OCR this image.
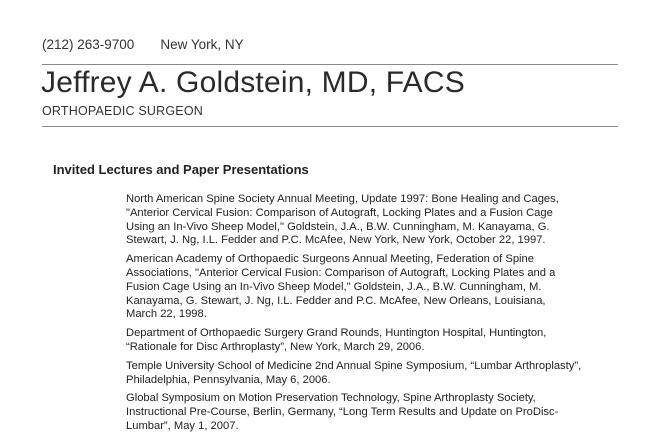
(212) 263-9700 New York, NY
Jeffrey A. Goldstein, MD, FACS
ORTHOPAEDIC SURGEON
Invited Lectures and Paper Presentations
North American Spine Society Annual Meeting, Update 1997: Bone Healing and Cages,
"Anterior Cervical Fusion: Comparison of Autograft, Locking Plates and a Fusion Cage
Using an In-Vivo Sheep Model," Goldstein, J.A., B.W. Cunningham, M. Kanayama, G.
Stewart, J. Ng, I.L. Fedder and P.C. McAfee, New York, New York, October 22, 1997.
American Academy of Orthopaedic Surgeons Annual Meeting, Federation of Spine
Associations, "Anterior Cervical Fusion: Comparison of Autograft, Locking Plates and a
Fusion Cage Using an In-Vivo Sheep Model," Goldstein, J.A., B.W. Cunningham, M.
Kanayama, G. Stewart, J. Ng, I.L. Fedder and P.C. McAfee, New Orleans, Louisiana,
March 22, 1998.
Department of Orthopaedic Surgery Grand Rounds, Huntington Hospital, Huntington,
“Rationale for Disc Arthroplasty”, New York, March 29, 2006.
Temple University School of Medicine 2nd Annual Spine Symposium, “Lumbar Arthroplasty”,
Philadelphia, Pennsylvania, May 6, 2006.
Global Symposium on Motion Preservation Technology, Spine Arthroplasty Society,
Instructional Pre-Course, Berlin, Germany, “Long Term Results and Update on ProDisc-
Lumbar”, May 1, 2007.
